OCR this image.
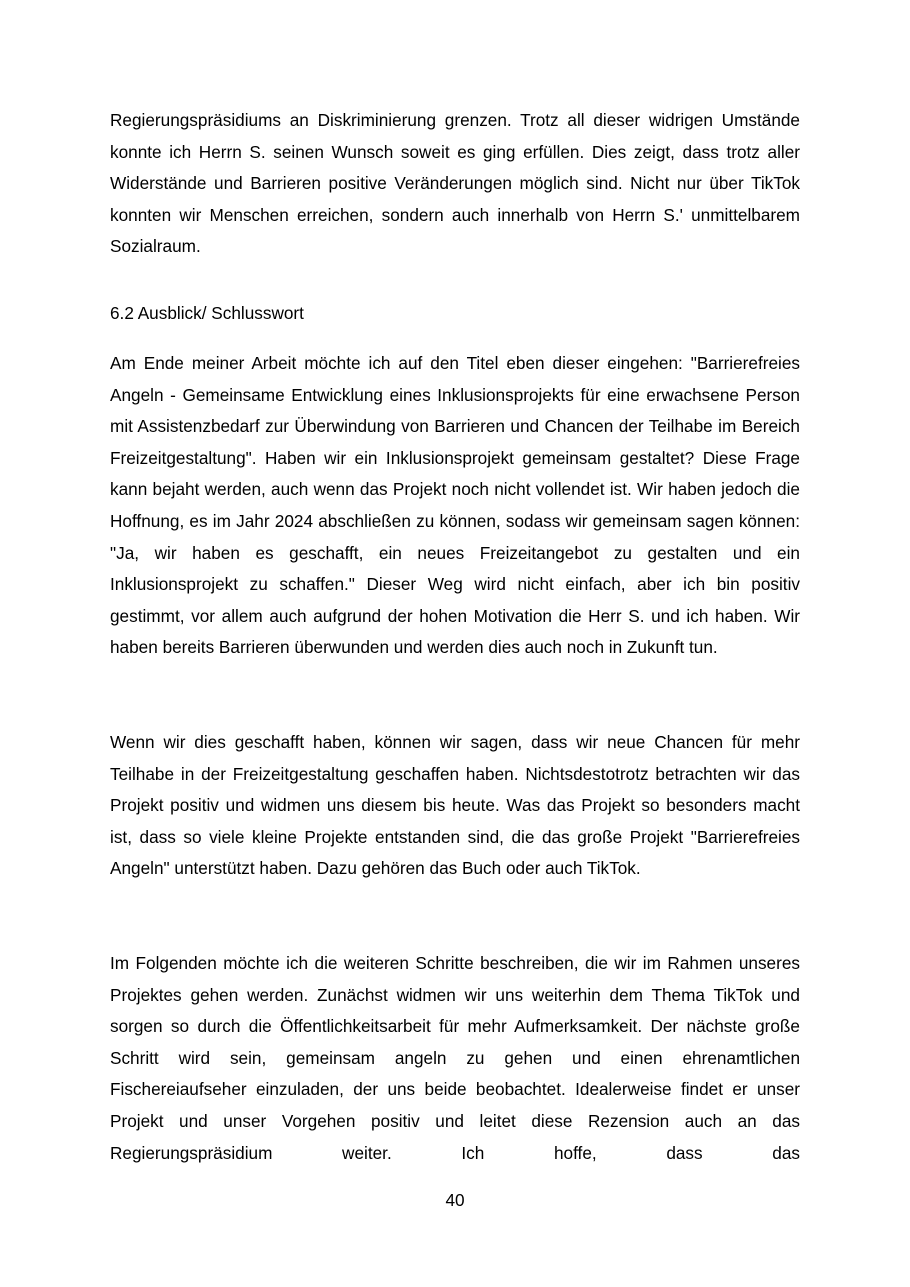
Regierungspräsidiums an Diskriminierung grenzen. Trotz all dieser widrigen Umstände konnte ich Herrn S. seinen Wunsch soweit es ging erfüllen. Dies zeigt, dass trotz aller Widerstände und Barrieren positive Veränderungen möglich sind. Nicht nur über TikTok konnten wir Menschen erreichen, sondern auch innerhalb von Herrn S.' unmittelbarem Sozialraum.

6.2 Ausblick/ Schlusswort

Am Ende meiner Arbeit möchte ich auf den Titel eben dieser eingehen: "Barrierefreies Angeln - Gemeinsame Entwicklung eines Inklusionsprojekts für eine erwachsene Person mit Assistenzbedarf zur Überwindung von Barrieren und Chancen der Teilhabe im Bereich Freizeitgestaltung". Haben wir ein Inklusionsprojekt gemeinsam gestaltet? Diese Frage kann bejaht werden, auch wenn das Projekt noch nicht vollendet ist. Wir haben jedoch die Hoffnung, es im Jahr 2024 abschließen zu können, sodass wir gemeinsam sagen können: "Ja, wir haben es geschafft, ein neues Freizeitangebot zu gestalten und ein Inklusionsprojekt zu schaffen." Dieser Weg wird nicht einfach, aber ich bin positiv gestimmt, vor allem auch aufgrund der hohen Motivation die Herr S. und ich haben. Wir haben bereits Barrieren überwunden und werden dies auch noch in Zukunft tun.

Wenn wir dies geschafft haben, können wir sagen, dass wir neue Chancen für mehr Teilhabe in der Freizeitgestaltung geschaffen haben. Nichtsdestotrotz betrachten wir das Projekt positiv und widmen uns diesem bis heute. Was das Projekt so besonders macht ist, dass so viele kleine Projekte entstanden sind, die das große Projekt "Barrierefreies Angeln" unterstützt haben. Dazu gehören das Buch oder auch TikTok.

Im Folgenden möchte ich die weiteren Schritte beschreiben, die wir im Rahmen unseres Projektes gehen werden. Zunächst widmen wir uns weiterhin dem Thema TikTok und sorgen so durch die Öffentlichkeitsarbeit für mehr Aufmerksamkeit. Der nächste große Schritt wird sein, gemeinsam angeln zu gehen und einen ehrenamtlichen Fischereiaufseher einzuladen, der uns beide beobachtet. Idealerweise findet er unser Projekt und unser Vorgehen positiv und leitet diese Rezension auch an das Regierungspräsidium weiter. Ich hoffe, dass das

40
